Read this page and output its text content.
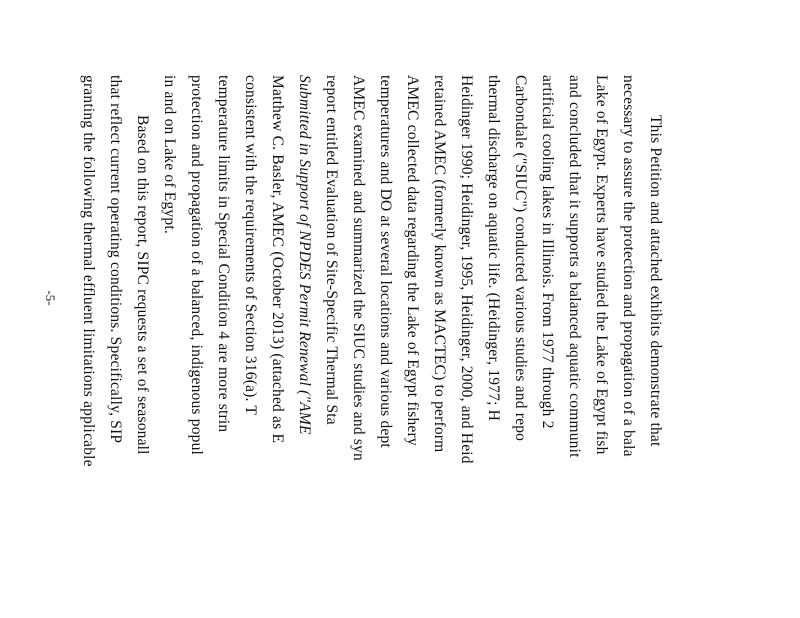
This Petition and attached exhibits demonstrate that
necessary to assure the protection and propagation of a bala
Lake of Egypt. Experts have studied the Lake of Egypt fish
and concluded that it supports a balanced aquatic communit
artificial cooling lakes in Illinois. From 1977 through 2
Carbondale ("SIUC") conducted various studies and repo
thermal discharge on aquatic life. (Heidinger, 1977; H
Heidinger 1990; Heidinger, 1995, Heidinger, 2000, and Heid
retained AMEC (formerly known as MACTEC) to perform
AMEC collected data regarding the Lake of Egypt fishery
temperatures and DO at several locations and various dept
AMEC examined and summarized the SIUC studies and syn
report entitled Evaluation of Site-Specific Thermal Sta
Submitted in Support of NPDES Permit Renewal ("AME
Matthew C. Basler, AMEC (October 2013) (attached as E
consistent with the requirements of Section 316(a). T
temperature limits in Special Condition 4 are more strin
protection and propagation of a balanced, indigenous popul
in and on Lake of Egypt.
Based on this report, SIPC requests a set of seasonall
that reflect current operating conditions. Specifically, SIP
granting the following thermal effluent limitations applicable
-5-
